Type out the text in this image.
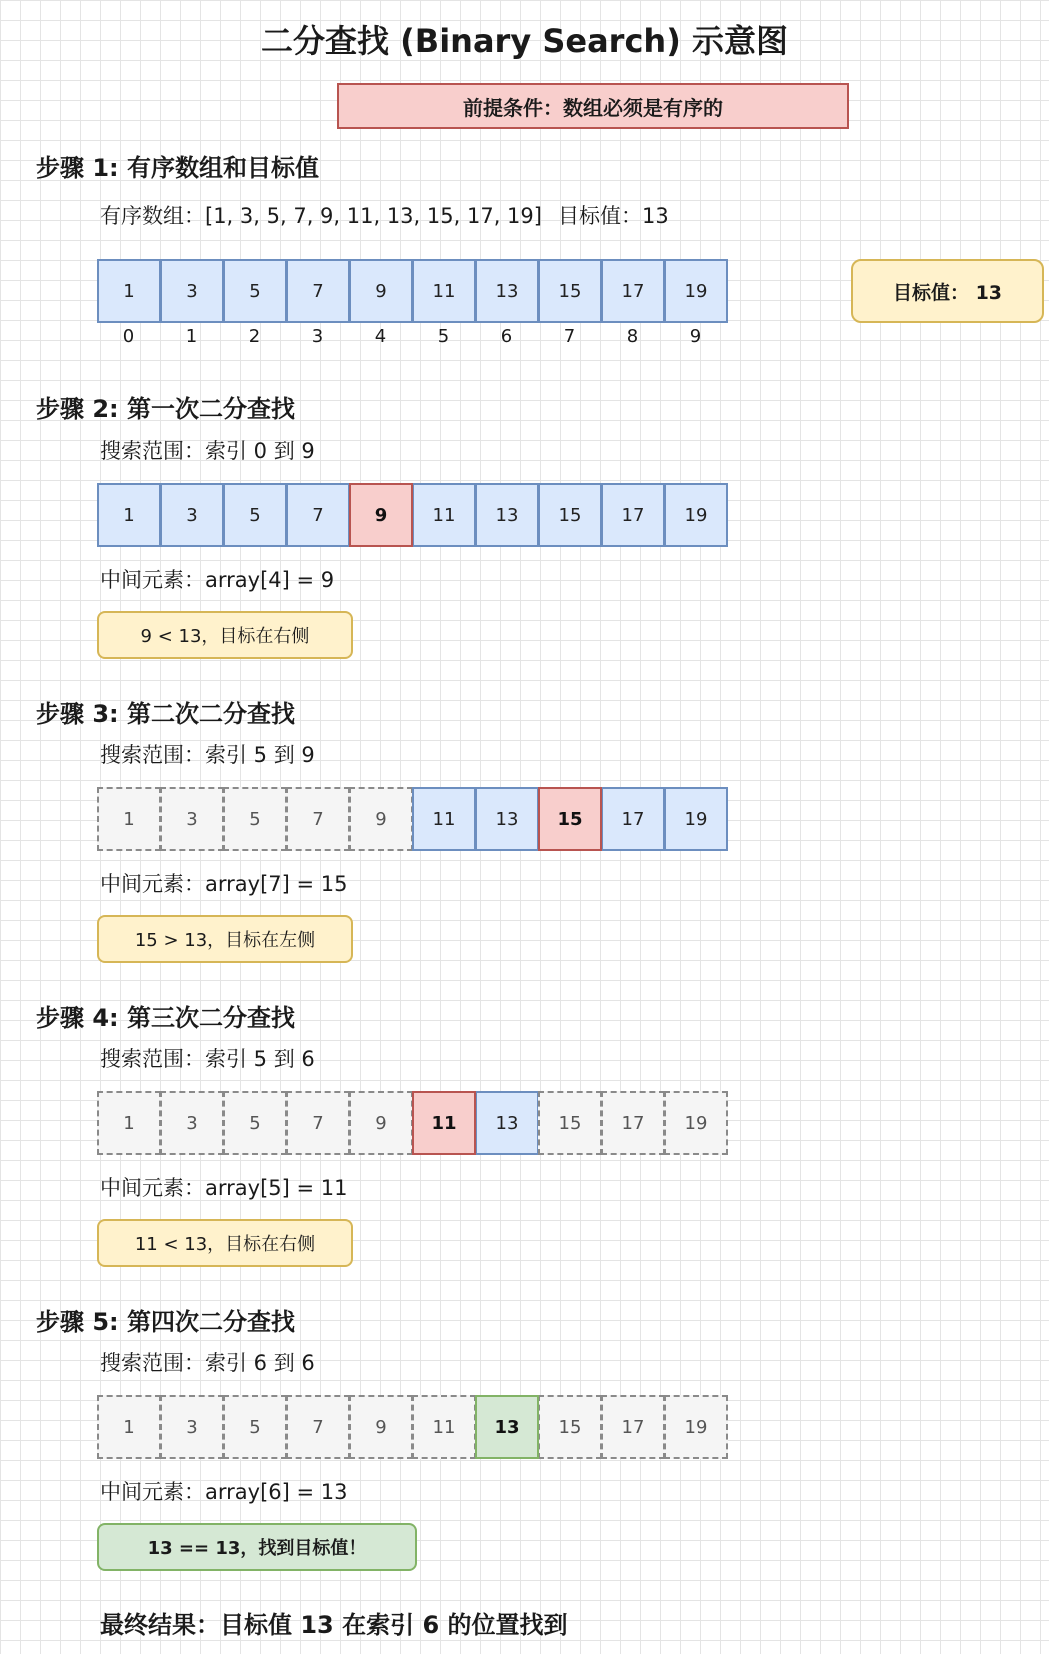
二分查找 (Binary Search) 示意图
前提条件：数组必须是有序的
步骤 1: 有序数组和目标值
有序数组：[1, 3, 5, 7, 9, 11, 13, 15, 17, 19] 目标值：13
1	3	5	7	9	11	13	15	17	19
0	1	2	3	4	5	6	7	8	9
目标值： 13
步骤 2: 第一次二分查找
搜索范围：索引 0 到 9
1	3	5	7	9	11	13	15	17	19
中间元素：array[4] = 9
9 < 13，目标在右侧
步骤 3: 第二次二分查找
搜索范围：索引 5 到 9
1	3	5	7	9	11	13	15	17	19
中间元素：array[7] = 15
15 > 13，目标在左侧
步骤 4: 第三次二分查找
搜索范围：索引 5 到 6
1	3	5	7	9	11	13	15	17	19
中间元素：array[5] = 11
11 < 13，目标在右侧
步骤 5: 第四次二分查找
搜索范围：索引 6 到 6
1	3	5	7	9	11	13	15	17	19
中间元素：array[6] = 13
13 == 13，找到目标值！
最终结果：目标值 13 在索引 6 的位置找到
